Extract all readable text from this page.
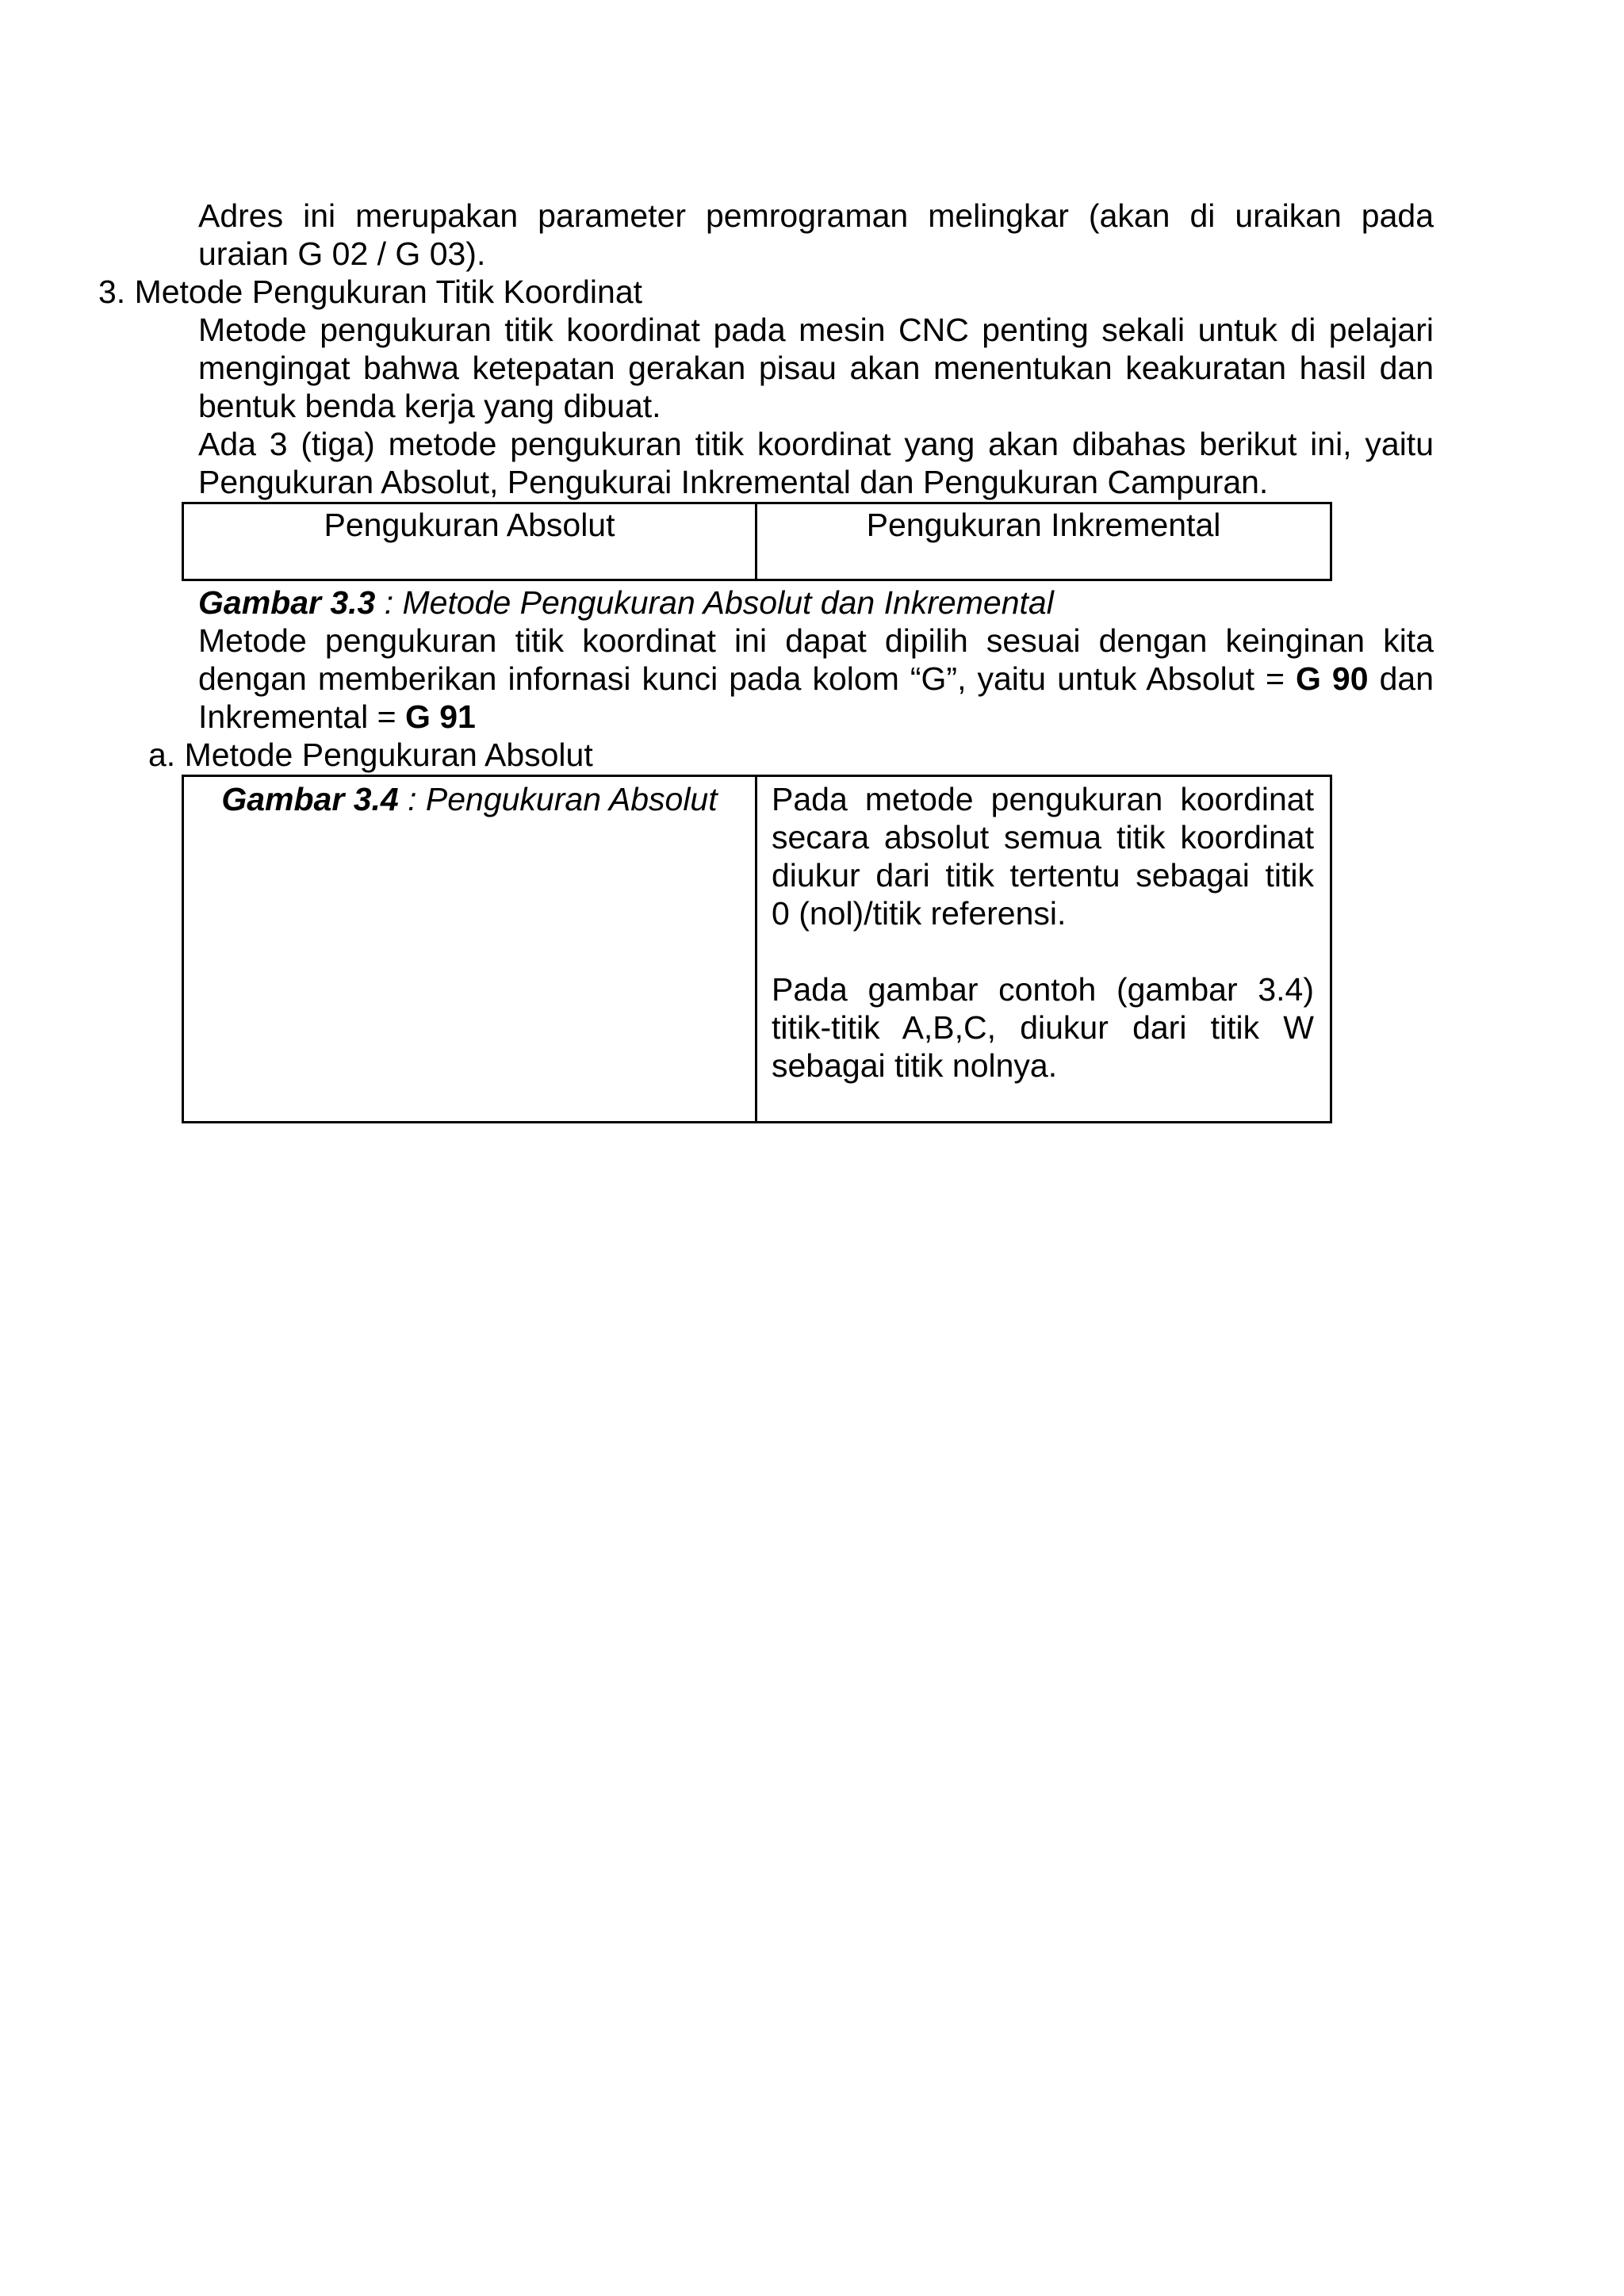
Adres ini merupakan parameter pemrograman melingkar (akan di uraikan pada
uraian G 02 / G 03).
3. Metode Pengukuran Titik Koordinat
Metode pengukuran titik koordinat pada mesin CNC penting sekali untuk di pelajari
mengingat bahwa ketepatan gerakan pisau akan menentukan keakuratan hasil dan
bentuk benda kerja yang dibuat.
Ada 3 (tiga) metode pengukuran titik koordinat yang akan dibahas berikut ini, yaitu
Pengukuran Absolut, Pengukurai Inkremental dan Pengukuran Campuran.
Pengukuran Absolut	Pengukuran Inkremental
Gambar 3.3 : Metode Pengukuran Absolut dan Inkremental
Metode pengukuran titik koordinat ini dapat dipilih sesuai dengan keinginan kita
dengan memberikan infornasi kunci pada kolom “G”, yaitu untuk Absolut = G 90 dan
Inkremental = G 91
a. Metode Pengukuran Absolut
Gambar 3.4 : Pengukuran Absolut	Pada metode pengukuran koordinat
secara absolut semua titik koordinat
diukur dari titik tertentu sebagai titik
0 (nol)/titik referensi.
Pada gambar contoh (gambar 3.4)
titik-titik A,B,C, diukur dari titik W
sebagai titik nolnya.
